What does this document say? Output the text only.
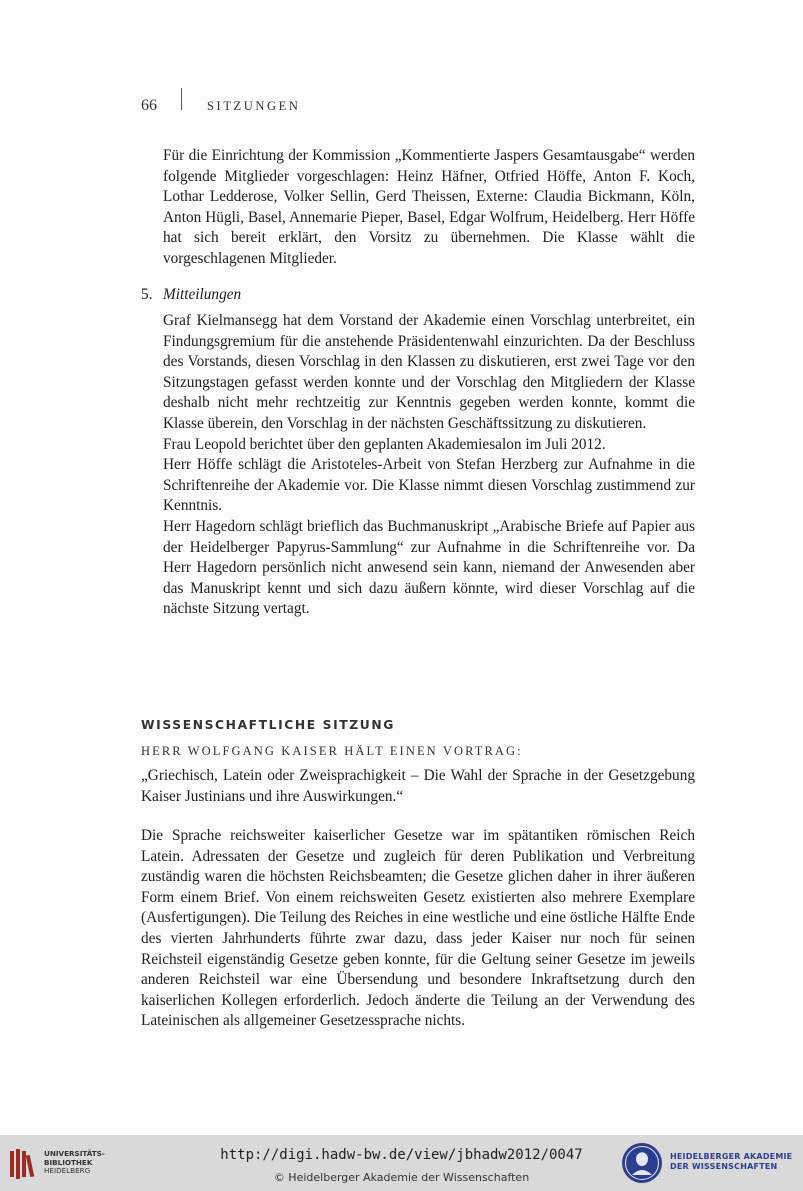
66	SITZUNGEN

Für die Einrichtung der Kommission „Kommentierte Jaspers Gesamtausgabe“ werden folgende Mitglieder vorgeschlagen: Heinz Häfner, Otfried Höffe, Anton F. Koch, Lothar Ledderose, Volker Sellin, Gerd Theissen, Externe: Claudia Bickmann, Köln, Anton Hügli, Basel, Annemarie Pieper, Basel, Edgar Wolfrum, Heidelberg. Herr Höffe hat sich bereit erklärt, den Vorsitz zu übernehmen. Die Klasse wählt die vorgeschlagenen Mitglieder.

5. Mitteilungen

Graf Kielmansegg hat dem Vorstand der Akademie einen Vorschlag unterbreitet, ein Findungsgremium für die anstehende Präsidentenwahl einzurichten. Da der Beschluss des Vorstands, diesen Vorschlag in den Klassen zu diskutieren, erst zwei Tage vor den Sitzungstagen gefasst werden konnte und der Vorschlag den Mitgliedern der Klasse deshalb nicht mehr rechtzeitig zur Kenntnis gegeben werden konnte, kommt die Klasse überein, den Vorschlag in der nächsten Geschäftssitzung zu diskutieren.

Frau Leopold berichtet über den geplanten Akademiesalon im Juli 2012.

Herr Höffe schlägt die Aristoteles-Arbeit von Stefan Herzberg zur Aufnahme in die Schriftenreihe der Akademie vor. Die Klasse nimmt diesen Vorschlag zustimmend zur Kenntnis.

Herr Hagedorn schlägt brieflich das Buchmanuskript „Arabische Briefe auf Papier aus der Heidelberger Papyrus-Sammlung“ zur Aufnahme in die Schriftenreihe vor. Da Herr Hagedorn persönlich nicht anwesend sein kann, niemand der Anwesenden aber das Manuskript kennt und sich dazu äußern könnte, wird dieser Vorschlag auf die nächste Sitzung vertagt.

WISSENSCHAFTLICHE SITZUNG
HERR WOLFGANG KAISER HÄLT EINEN VORTRAG:
„Griechisch, Latein oder Zweisprachigkeit – Die Wahl der Sprache in der Gesetzgebung Kaiser Justinians und ihre Auswirkungen.“
Die Sprache reichsweiter kaiserlicher Gesetze war im spätantiken römischen Reich Latein. Adressaten der Gesetze und zugleich für deren Publikation und Verbreitung zuständig waren die höchsten Reichsbeamten; die Gesetze glichen daher in ihrer äußeren Form einem Brief. Von einem reichsweiten Gesetz existierten also mehrere Exemplare (Ausfertigungen). Die Teilung des Reiches in eine westliche und eine östliche Hälfte Ende des vierten Jahrhunderts führte zwar dazu, dass jeder Kaiser nur noch für seinen Reichsteil eigenständig Gesetze geben konnte, für die Geltung seiner Gesetze im jeweils anderen Reichsteil war eine Übersendung und besondere Inkraftsetzung durch den kaiserlichen Kollegen erforderlich. Jedoch änderte die Teilung an der Verwendung des Lateinischen als allgemeiner Gesetzessprache nichts.
UNIVERSITÄTS-
BIBLIOTHEK
HEIDELBERG
http://digi.hadw-bw.de/view/jbhadw2012/0047
© Heidelberger Akademie der Wissenschaften
HEIDELBERGER AKADEMIE
DER WISSENSCHAFTEN
